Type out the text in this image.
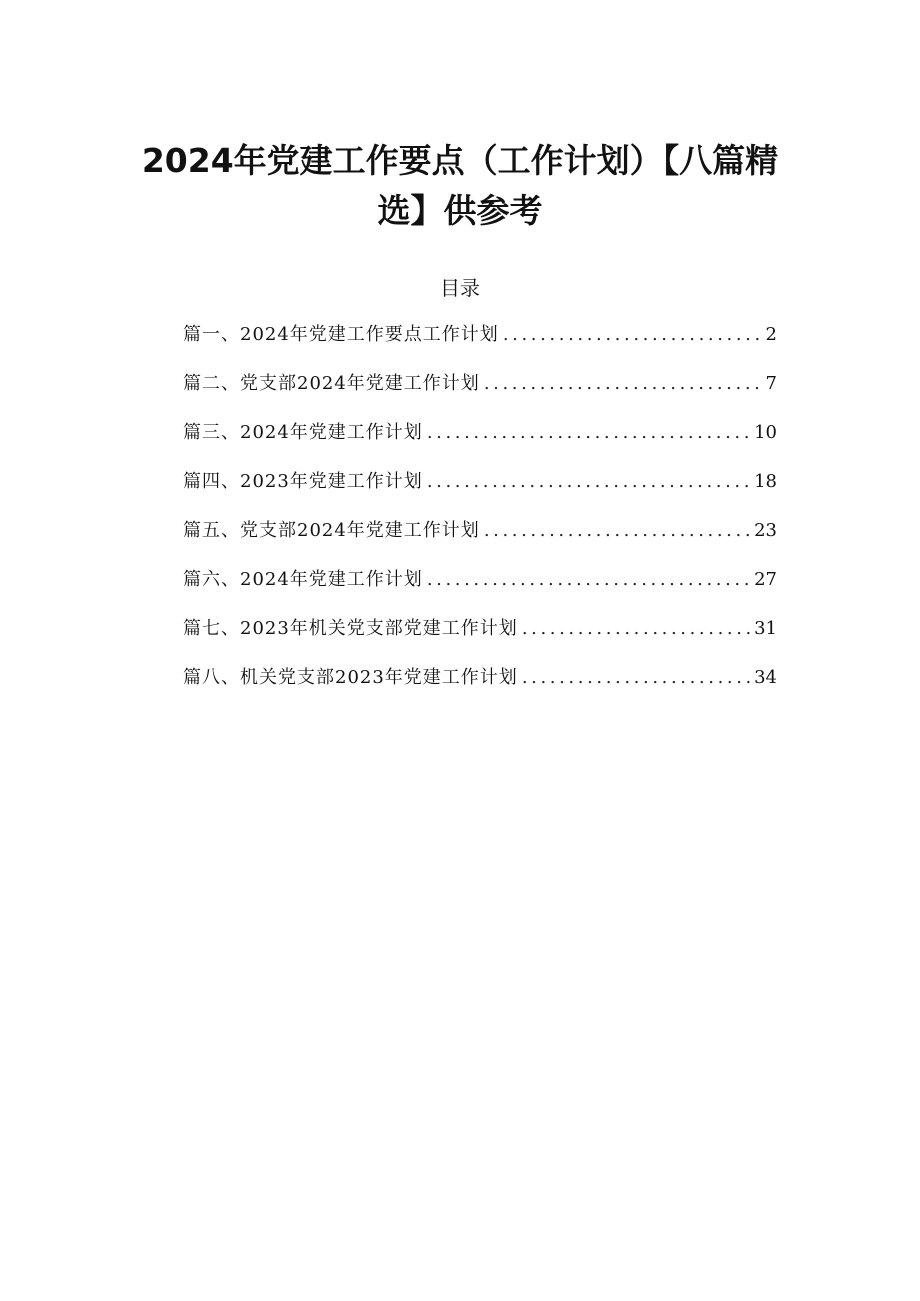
2024年党建工作要点（工作计划）【八篇精
选】供参考
目录
篇一、2024年党建工作要点工作计划 .....	2
篇二、党支部2024年党建工作计划 .....	7
篇三、2024年党建工作计划 .....	10
篇四、2023年党建工作计划 .....	18
篇五、党支部2024年党建工作计划 .....	23
篇六、2024年党建工作计划 .....	27
篇七、2023年机关党支部党建工作计划 .....	31
篇八、机关党支部2023年党建工作计划 .....	34
